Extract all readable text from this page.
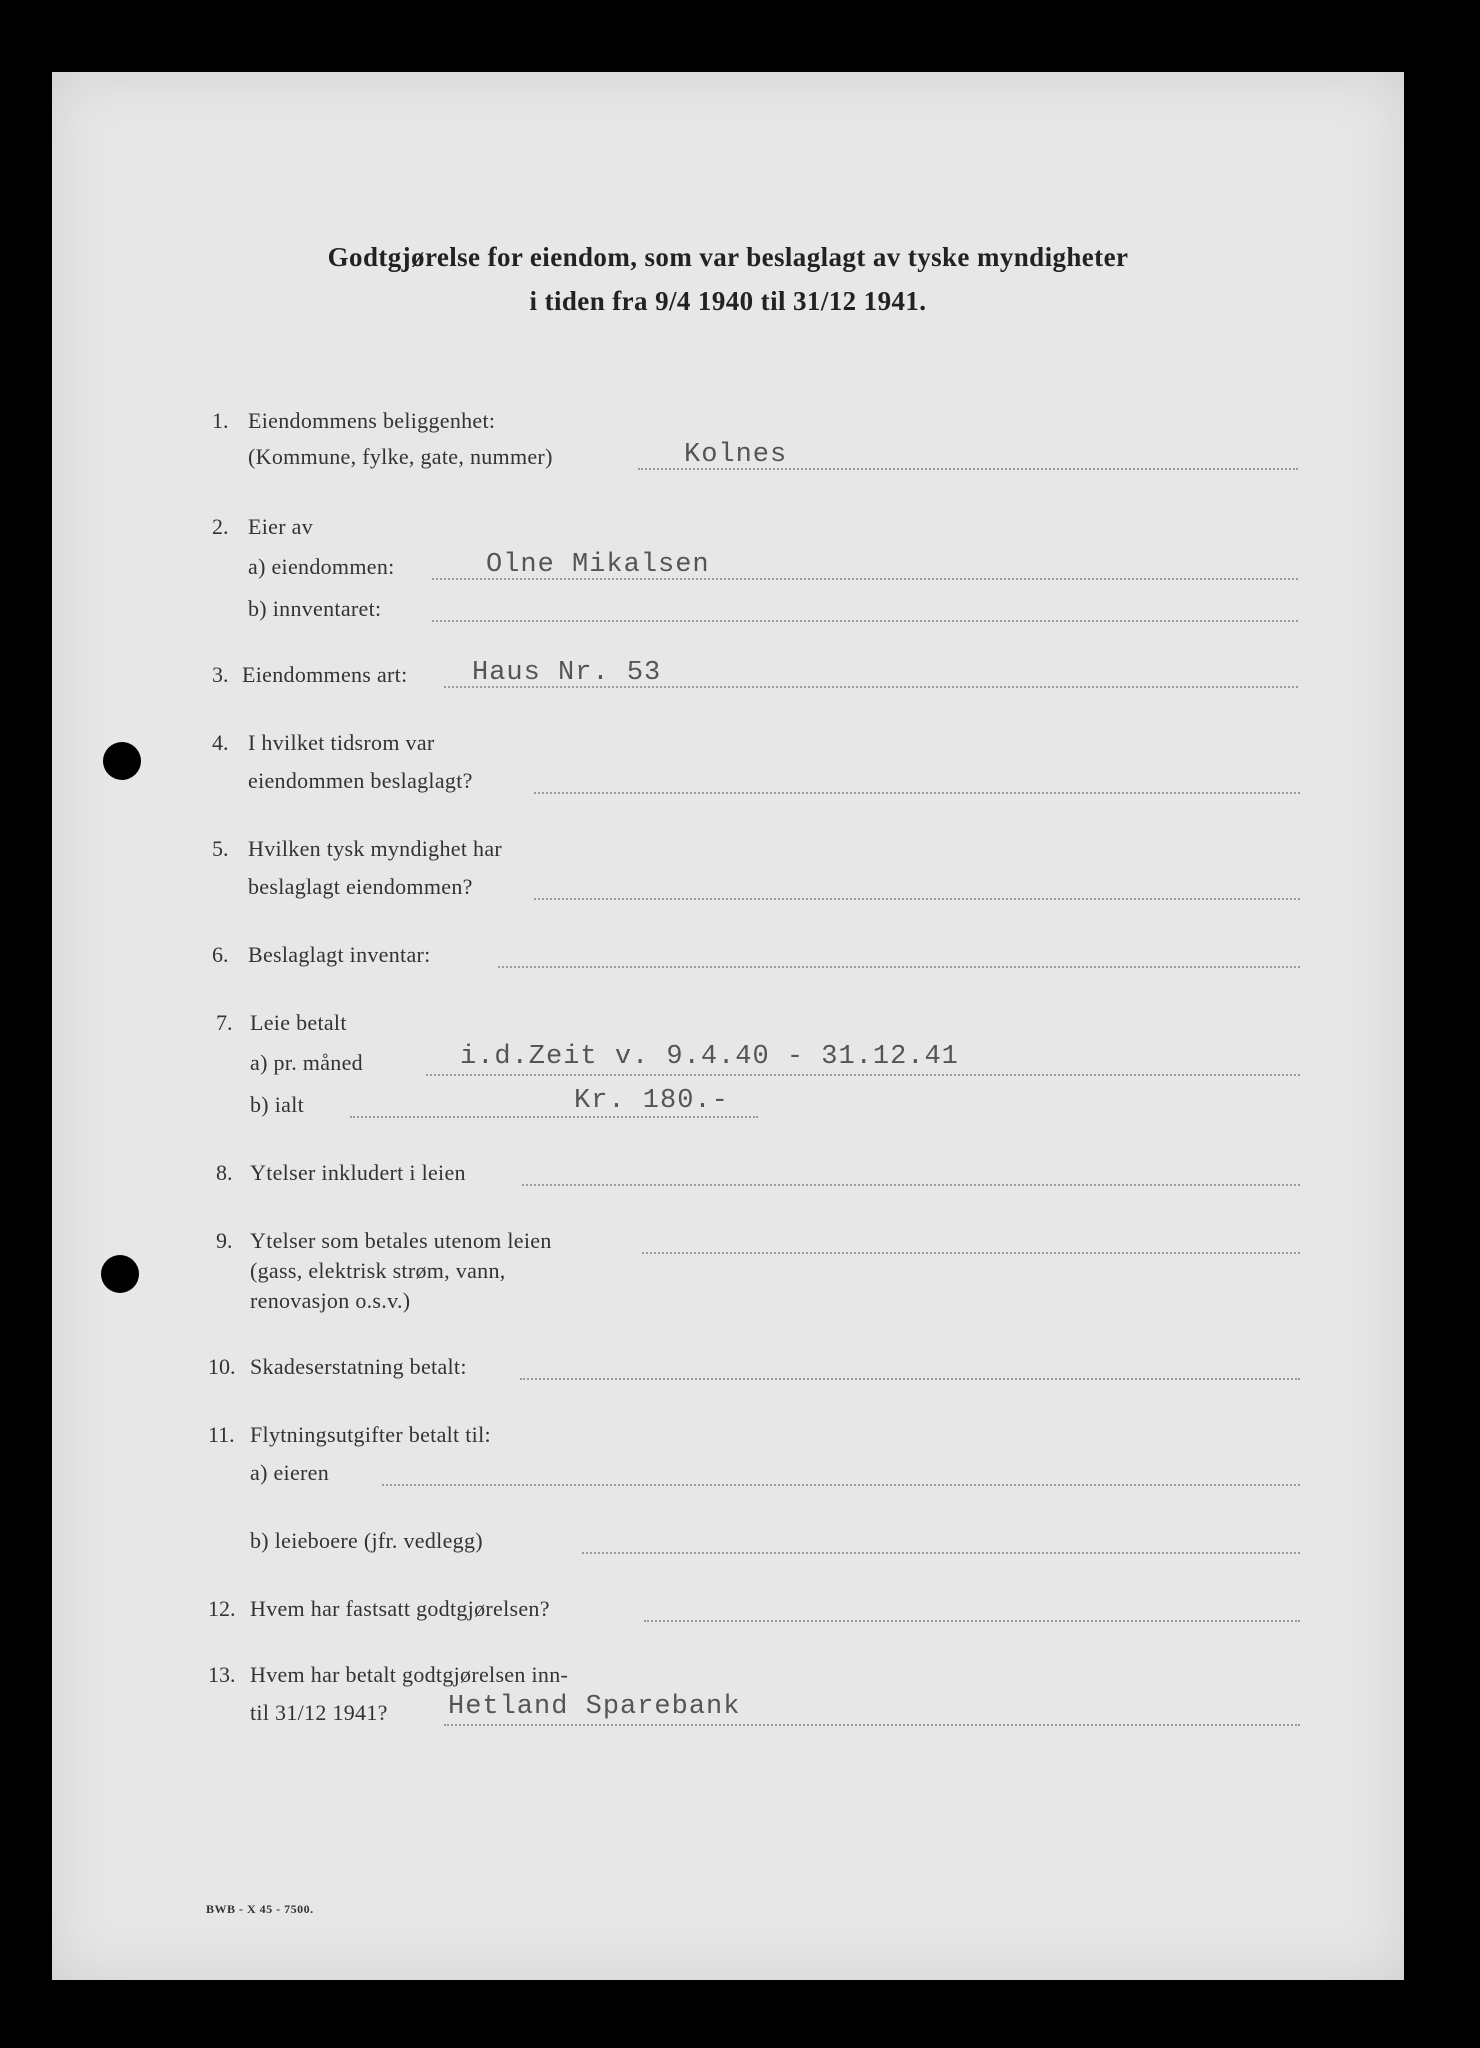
Godtgjørelse for eiendom, som var beslaglagt av tyske myndigheter
i tiden fra 9/4 1940 til 31/12 1941.
1. Eiendommens beliggenhet:
(Kommune, fylke, gate, nummer)	Kolnes
2. Eier av
a) eiendommen:	Olne Mikalsen
b) innventaret:
3. Eiendommens art: Haus Nr. 53
4. I hvilket tidsrom var
eiendommen beslaglagt?
5. Hvilken tysk myndighet har
beslaglagt eiendommen?
6. Beslaglagt inventar:
7. Leie betalt
a) pr. måned	i.d.Zeit v. 9.4.40 - 31.12.41
b) ialt	Kr. 180.-
8. Ytelser inkludert i leien
9. Ytelser som betales utenom leien
(gass, elektrisk strøm, vann,
renovasjon o.s.v.)
10. Skadeserstatning betalt:
11. Flytningsutgifter betalt til:
a) eieren
b) leieboere (jfr. vedlegg)
12. Hvem har fastsatt godtgjørelsen?
13. Hvem har betalt godtgjørelsen inn-
til 31/12 1941? Hetland Sparebank
BWB - X 45 - 7500.
